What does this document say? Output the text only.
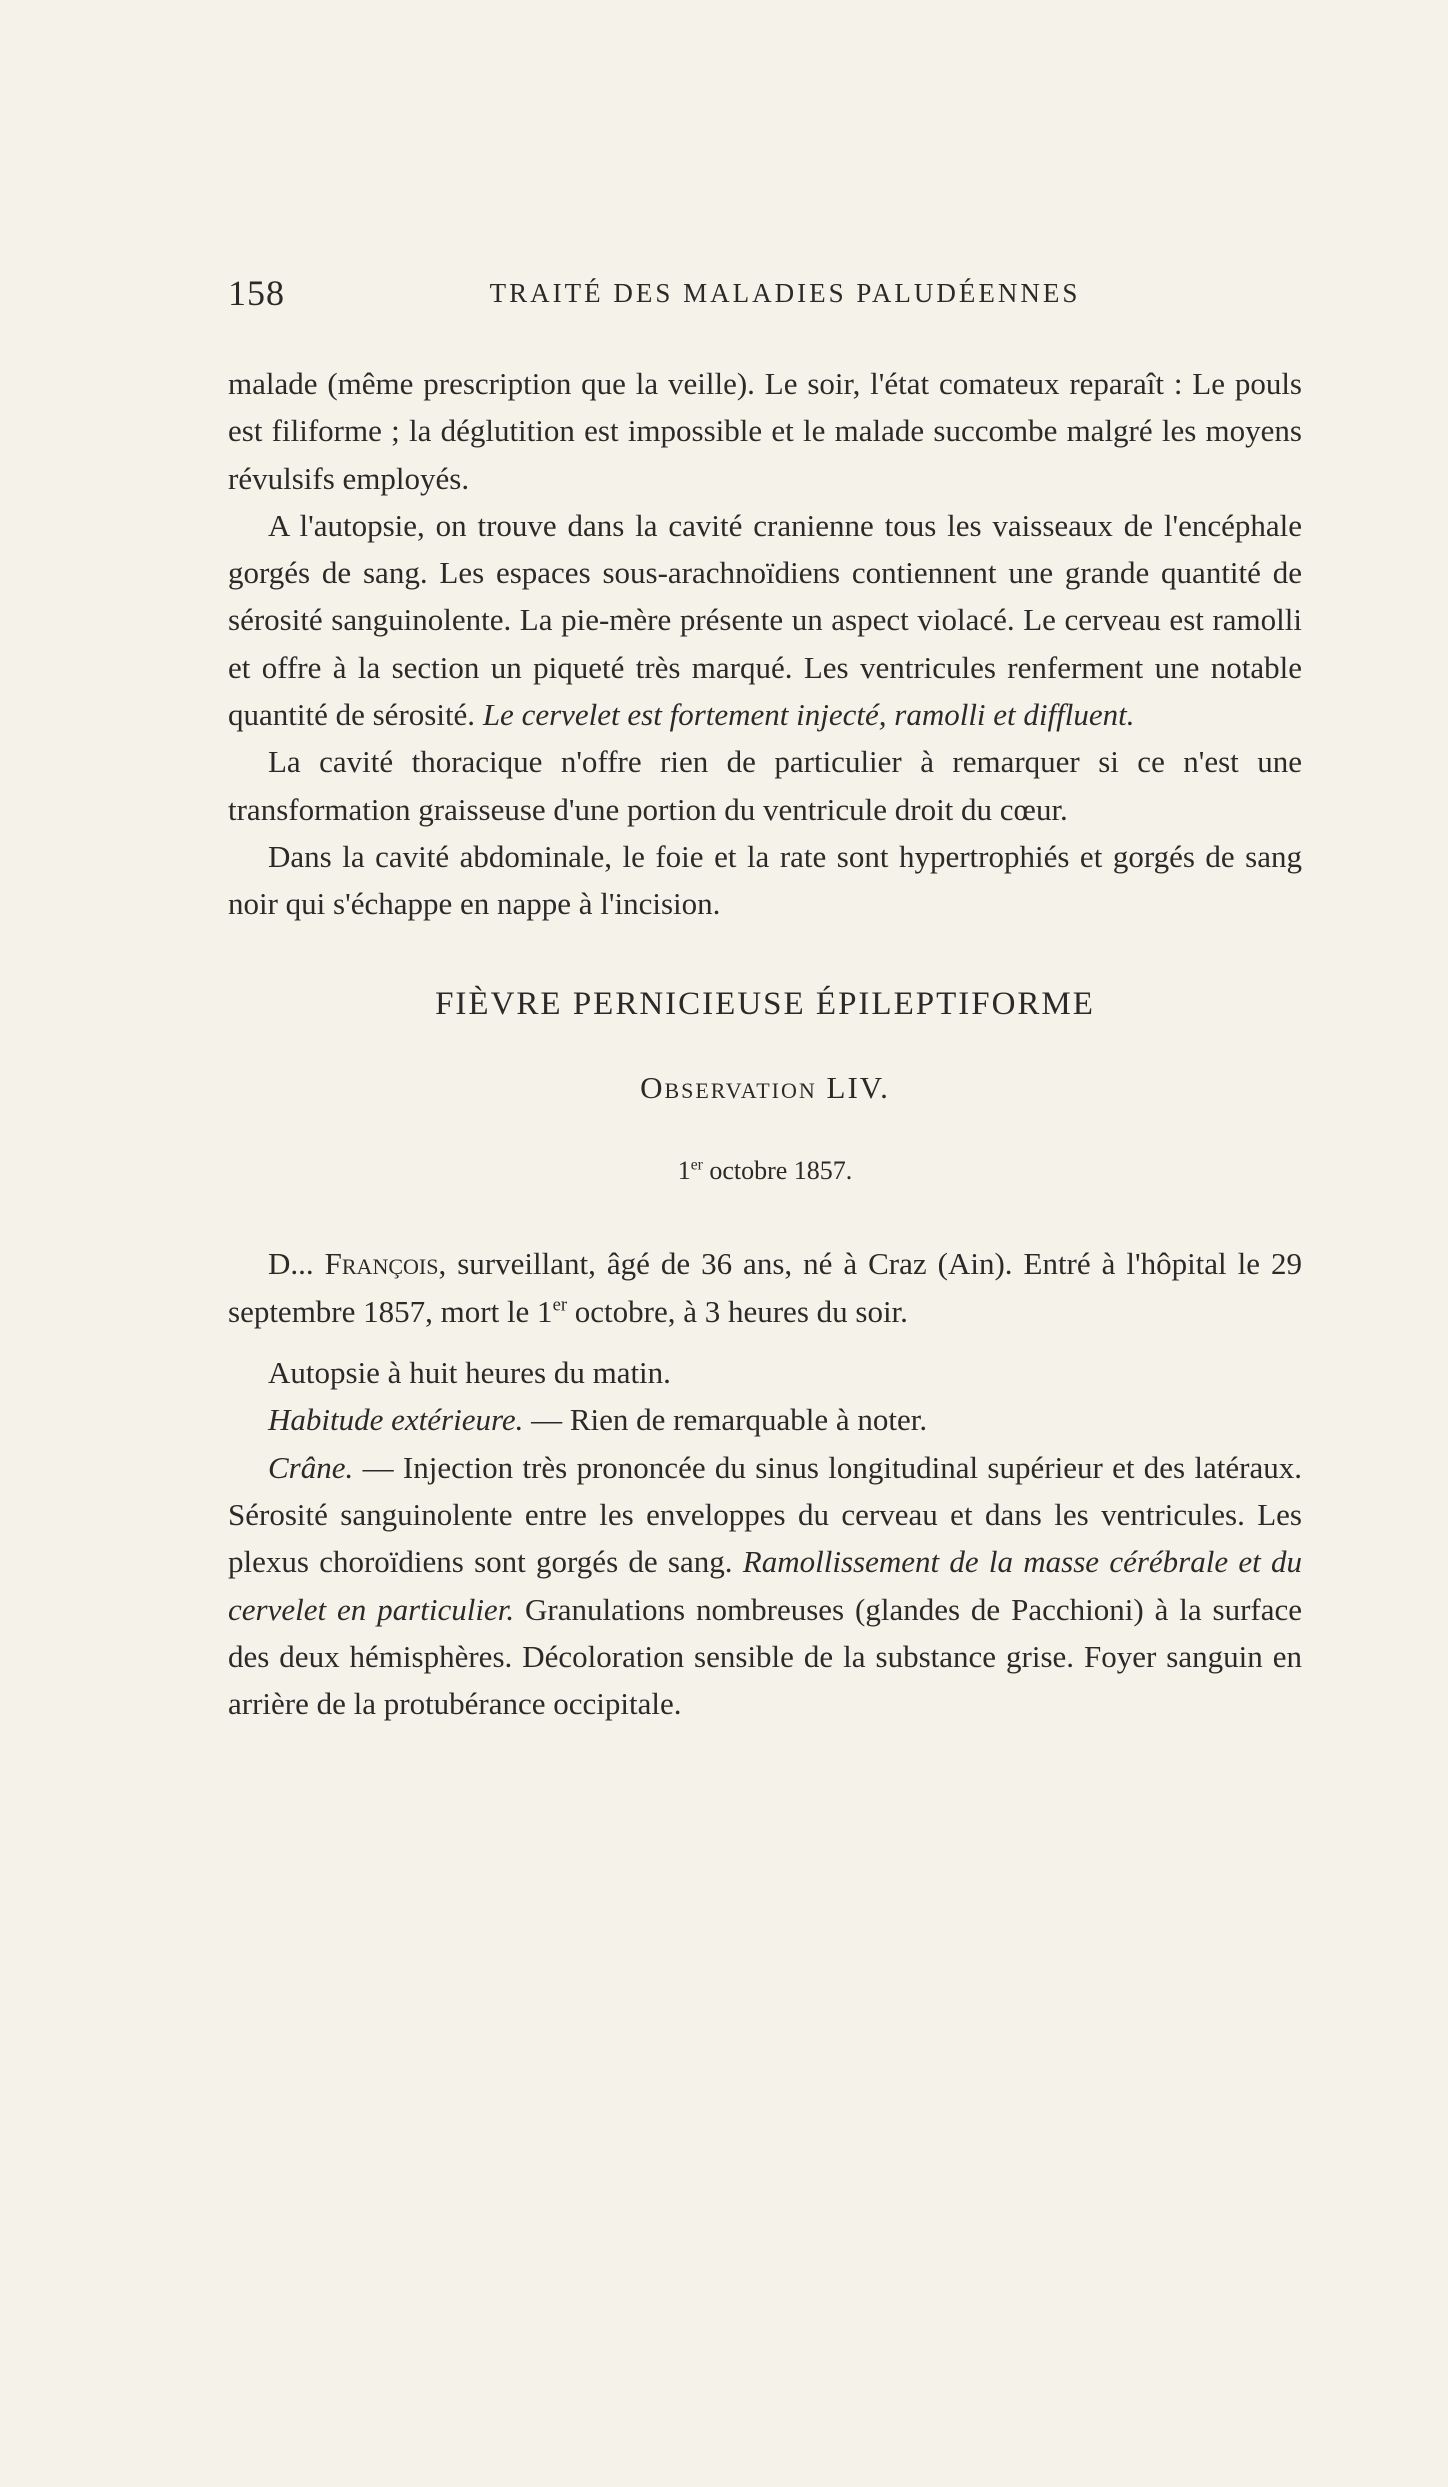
158	TRAITÉ DES MALADIES PALUDÉENNES

malade (même prescription que la veille). Le soir, l'état comateux reparaît : Le pouls est filiforme ; la déglutition est impossible et le malade succombe malgré les moyens révulsifs employés.

A l'autopsie, on trouve dans la cavité cranienne tous les vaisseaux de l'encéphale gorgés de sang. Les espaces sous-arachnoïdiens contiennent une grande quantité de sérosité sanguinolente. La pie-mère présente un aspect violacé. Le cerveau est ramolli et offre à la section un piqueté très marqué. Les ventricules renferment une notable quantité de sérosité. Le cervelet est fortement injecté, ramolli et diffluent.

La cavité thoracique n'offre rien de particulier à remarquer si ce n'est une transformation graisseuse d'une portion du ventricule droit du cœur.

Dans la cavité abdominale, le foie et la rate sont hypertrophiés et gorgés de sang noir qui s'échappe en nappe à l'incision.

FIÈVRE PERNICIEUSE ÉPILEPTIFORME

Observation LIV.

1er octobre 1857.

D... François, surveillant, âgé de 36 ans, né à Craz (Ain). Entré à l'hôpital le 29 septembre 1857, mort le 1er octobre, à 3 heures du soir.

Autopsie à huit heures du matin.

Habitude extérieure. — Rien de remarquable à noter.

Crâne. — Injection très prononcée du sinus longitudinal supérieur et des latéraux. Sérosité sanguinolente entre les enveloppes du cerveau et dans les ventricules. Les plexus choroïdiens sont gorgés de sang. Ramollissement de la masse cérébrale et du cervelet en particulier. Granulations nombreuses (glandes de Pacchioni) à la surface des deux hémisphères. Décoloration sensible de la substance grise. Foyer sanguin en arrière de la protubérance occipitale.
